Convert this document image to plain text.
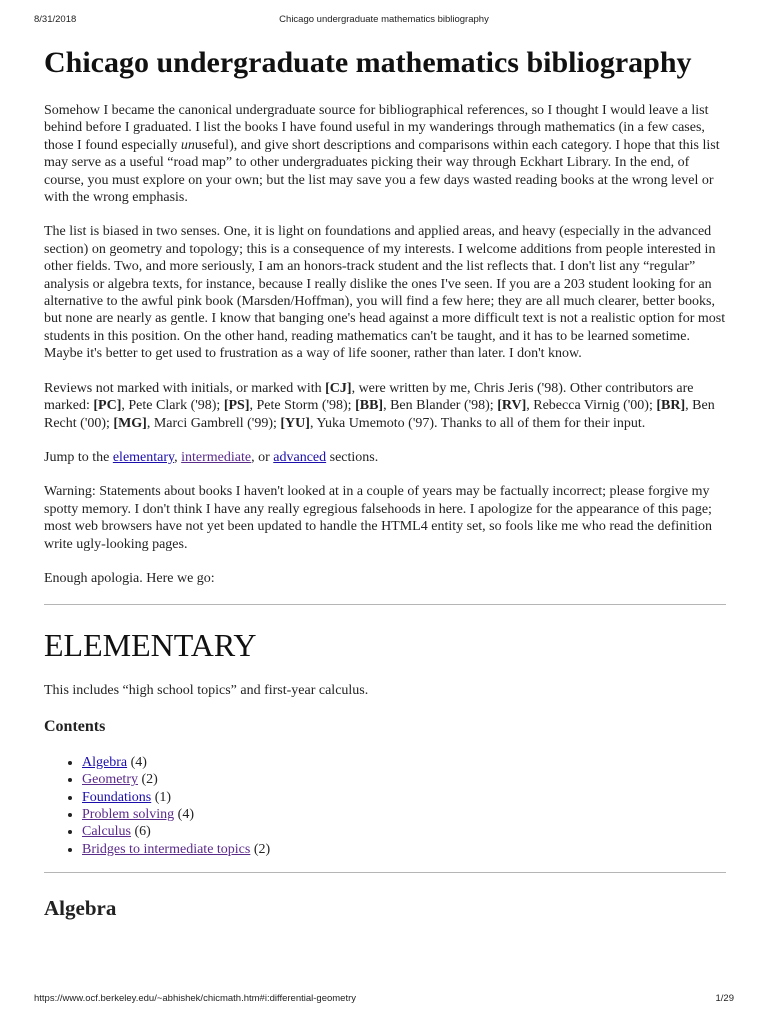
8/31/2018	Chicago undergraduate mathematics bibliography
Chicago undergraduate mathematics bibliography

Somehow I became the canonical undergraduate source for bibliographical references, so I thought I would leave a list behind before I graduated. I list the books I have found useful in my wanderings through mathematics (in a few cases, those I found especially unuseful), and give short descriptions and comparisons within each category. I hope that this list may serve as a useful “road map” to other undergraduates picking their way through Eckhart Library. In the end, of course, you must explore on your own; but the list may save you a few days wasted reading books at the wrong level or with the wrong emphasis.

The list is biased in two senses. One, it is light on foundations and applied areas, and heavy (especially in the advanced section) on geometry and topology; this is a consequence of my interests. I welcome additions from people interested in other fields. Two, and more seriously, I am an honors-track student and the list reflects that. I don't list any “regular” analysis or algebra texts, for instance, because I really dislike the ones I've seen. If you are a 203 student looking for an alternative to the awful pink book (Marsden/Hoffman), you will find a few here; they are all much clearer, better books, but none are nearly as gentle. I know that banging one's head against a more difficult text is not a realistic option for most students in this position. On the other hand, reading mathematics can't be taught, and it has to be learned sometime. Maybe it's better to get used to frustration as a way of life sooner, rather than later. I don't know.

Reviews not marked with initials, or marked with [CJ], were written by me, Chris Jeris ('98). Other contributors are marked: [PC], Pete Clark ('98); [PS], Pete Storm ('98); [BB], Ben Blander ('98); [RV], Rebecca Virnig ('00); [BR], Ben Recht ('00); [MG], Marci Gambrell ('99); [YU], Yuka Umemoto ('97). Thanks to all of them for their input.

Jump to the elementary, intermediate, or advanced sections.

Warning: Statements about books I haven't looked at in a couple of years may be factually incorrect; please forgive my spotty memory. I don't think I have any really egregious falsehoods in here. I apologize for the appearance of this page; most web browsers have not yet been updated to handle the HTML4 entity set, so fools like me who read the definition write ugly-looking pages.

Enough apologia. Here we go:

ELEMENTARY

This includes “high school topics” and first-year calculus.

Contents
• Algebra (4)
• Geometry (2)
• Foundations (1)
• Problem solving (4)
• Calculus (6)
• Bridges to intermediate topics (2)
Algebra
https://www.ocf.berkeley.edu/~abhishek/chicmath.htm#i:differential-geometry	1/29
